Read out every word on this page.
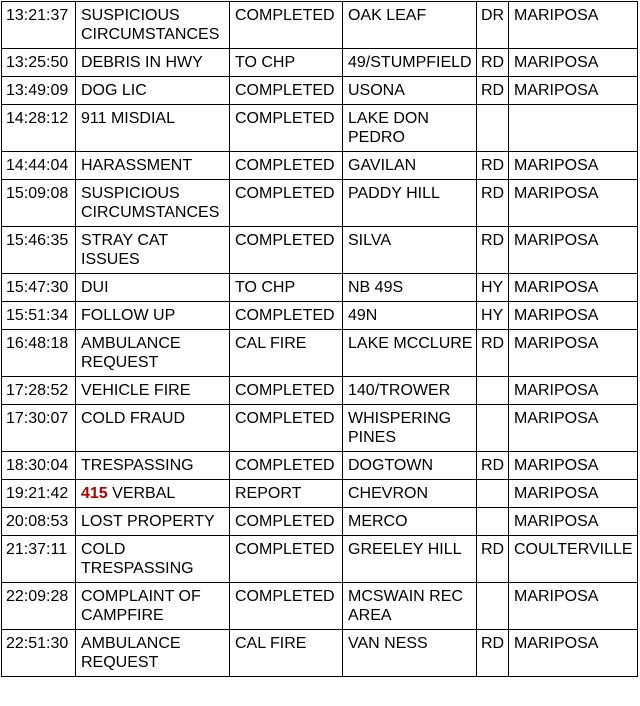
13:21:37	SUSPICIOUS CIRCUMSTANCES	COMPLETED	OAK LEAF	DR	MARIPOSA
13:25:50	DEBRIS IN HWY	TO CHP	49/STUMPFIELD	RD	MARIPOSA
13:49:09	DOG LIC	COMPLETED	USONA	RD	MARIPOSA
14:28:12	911 MISDIAL	COMPLETED	LAKE DON PEDRO		
14:44:04	HARASSMENT	COMPLETED	GAVILAN	RD	MARIPOSA
15:09:08	SUSPICIOUS CIRCUMSTANCES	COMPLETED	PADDY HILL	RD	MARIPOSA
15:46:35	STRAY CAT ISSUES	COMPLETED	SILVA	RD	MARIPOSA
15:47:30	DUI	TO CHP	NB 49S	HY	MARIPOSA
15:51:34	FOLLOW UP	COMPLETED	49N	HY	MARIPOSA
16:48:18	AMBULANCE REQUEST	CAL FIRE	LAKE MCCLURE	RD	MARIPOSA
17:28:52	VEHICLE FIRE	COMPLETED	140/TROWER		MARIPOSA
17:30:07	COLD FRAUD	COMPLETED	WHISPERING PINES		MARIPOSA
18:30:04	TRESPASSING	COMPLETED	DOGTOWN	RD	MARIPOSA
19:21:42	415 VERBAL	REPORT	CHEVRON		MARIPOSA
20:08:53	LOST PROPERTY	COMPLETED	MERCO		MARIPOSA
21:37:11	COLD TRESPASSING	COMPLETED	GREELEY HILL	RD	COULTERVILLE
22:09:28	COMPLAINT OF CAMPFIRE	COMPLETED	MCSWAIN REC AREA		MARIPOSA
22:51:30	AMBULANCE REQUEST	CAL FIRE	VAN NESS	RD	MARIPOSA
